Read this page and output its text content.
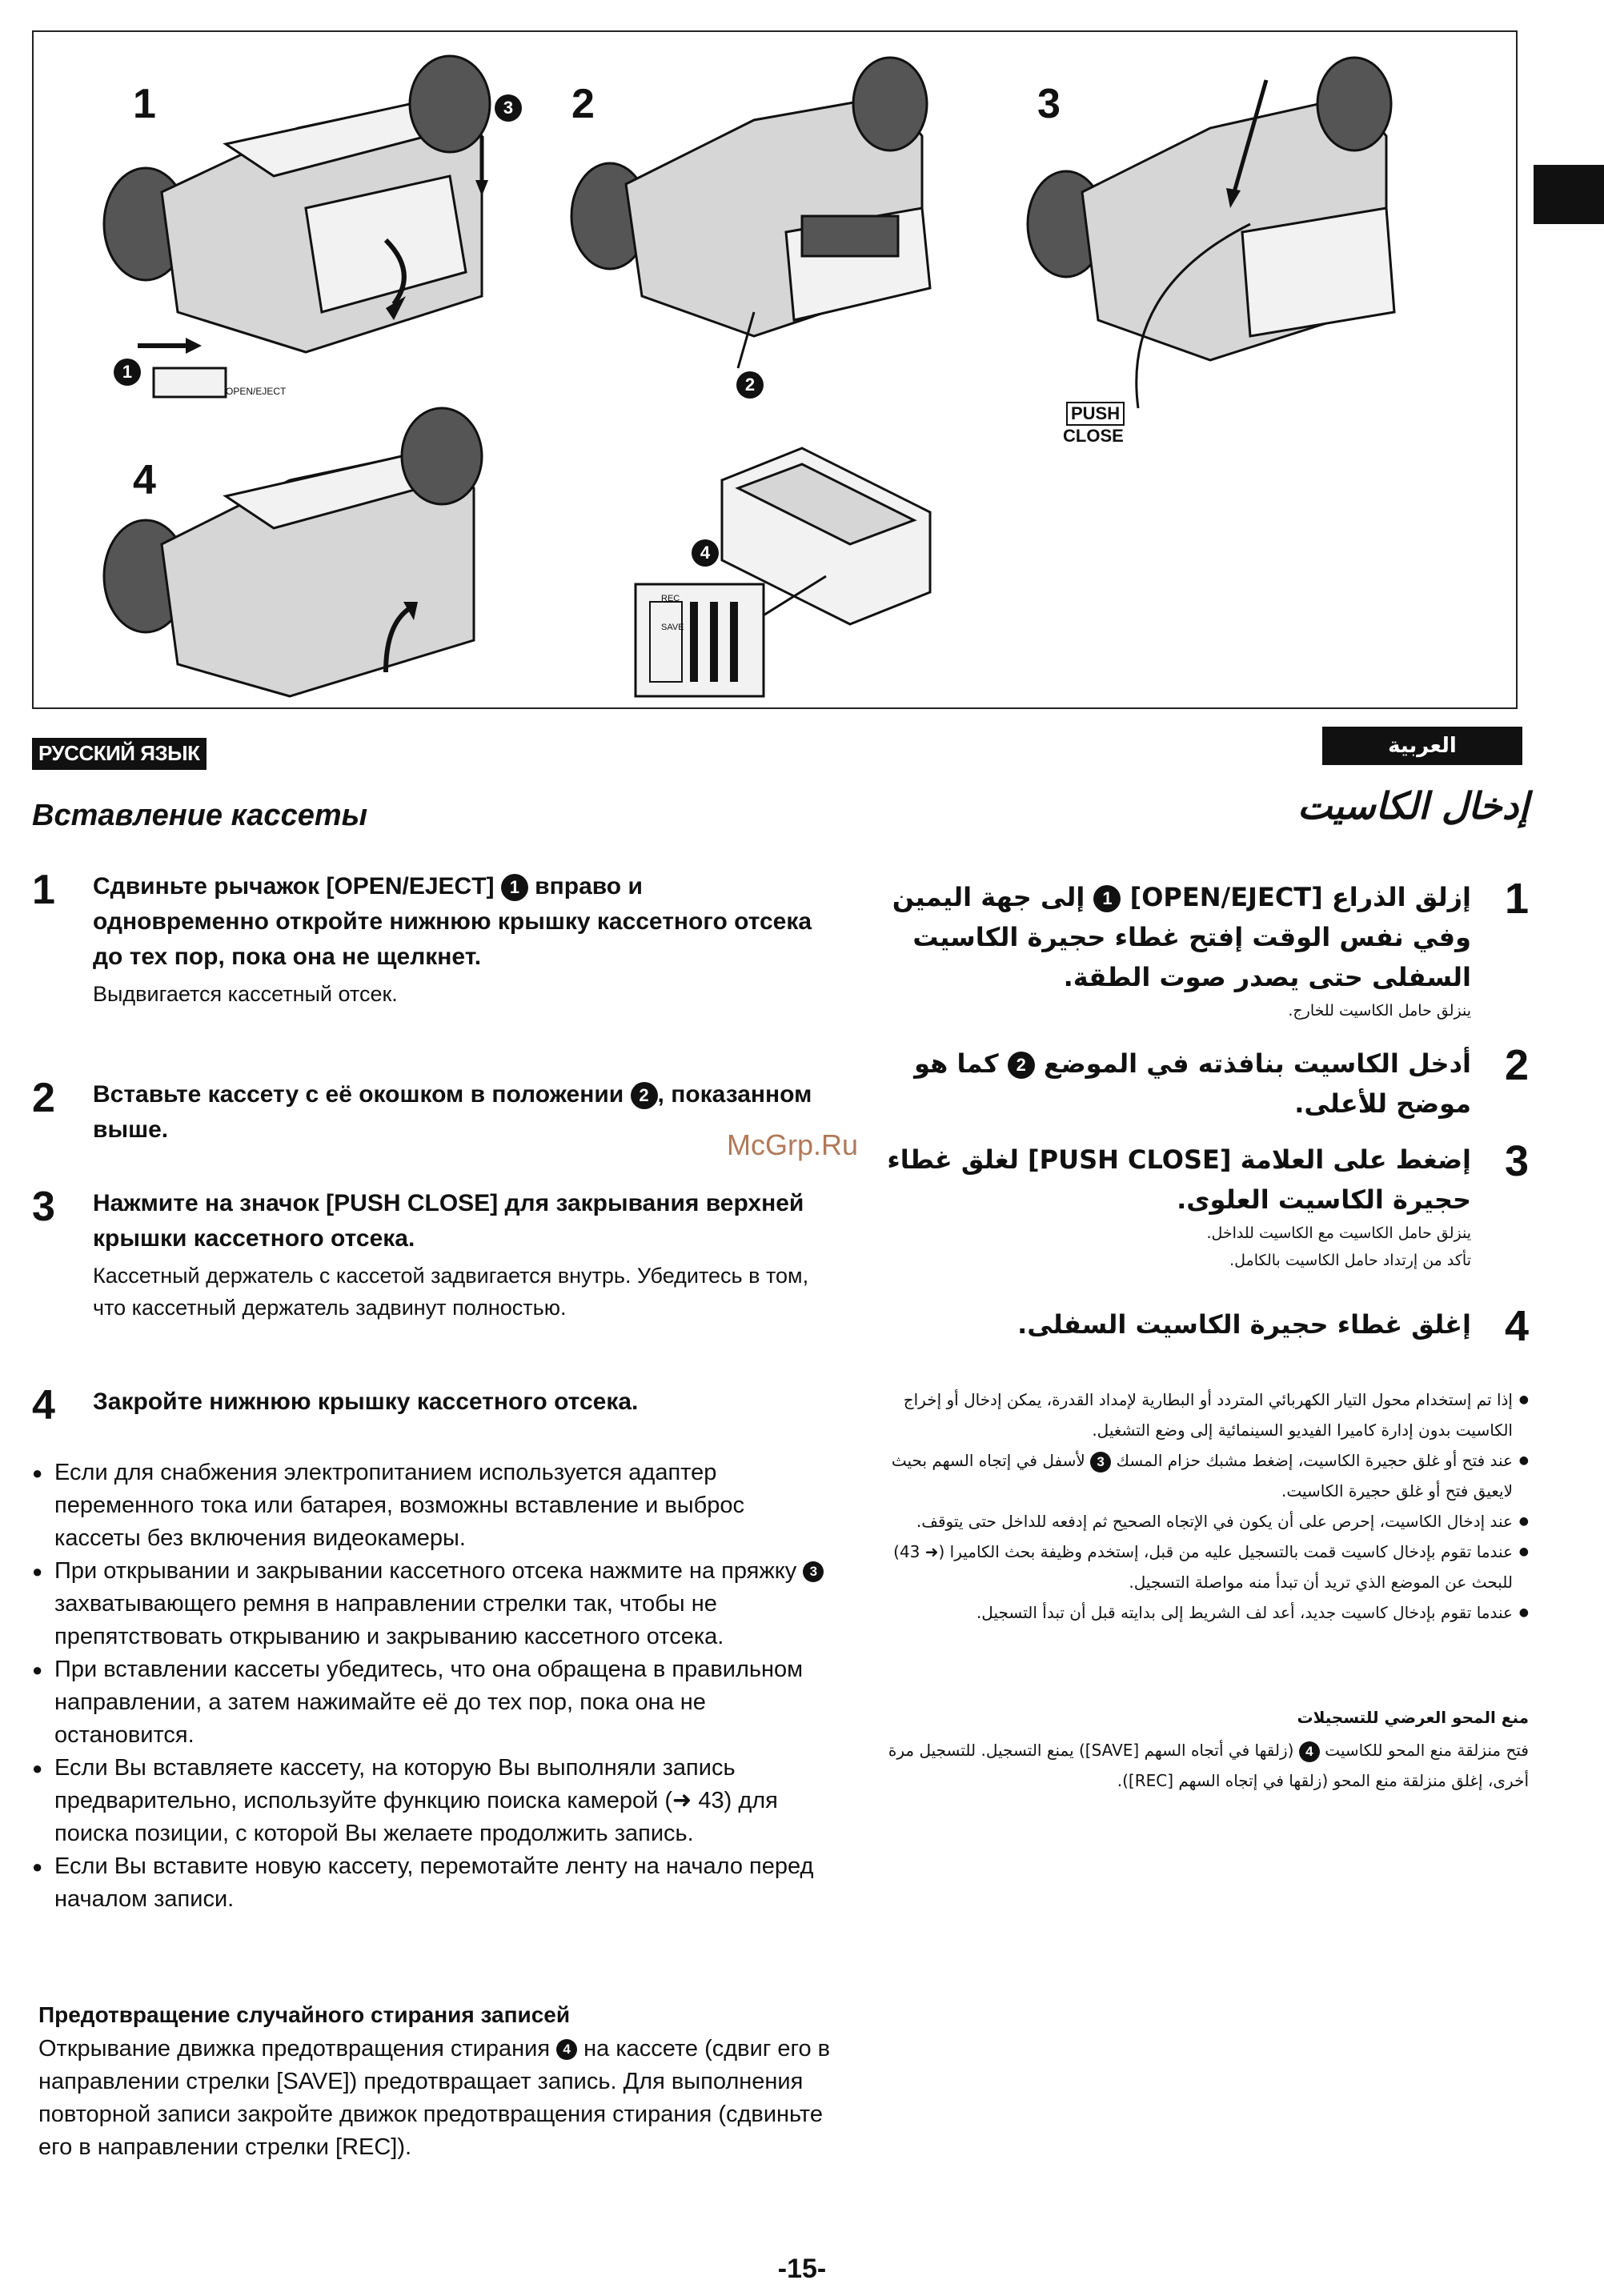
1	2	3
4
3
1
2
4
OPEN/EJECT
PUSH
CLOSE
REC
SAVE
РУССКИЙ ЯЗЫК	العربية
Вставление кассеты
1 Сдвиньте рычажок [OPEN/EJECT] 1 вправо и одновременно откройте нижнюю крышку кассетного отсека до тех пор, пока она не щелкнет.
Выдвигается кассетный отсек.
2 Вставьте кассету с её окошком в положении 2 , показанном выше.
3 Нажмите на значок [PUSH CLOSE] для закрывания верхней крышки кассетного отсека.
Кассетный держатель с кассетой задвигается внутрь. Убедитесь в том, что кассетный держатель задвинут полностью.
4 Закройте нижнюю крышку кассетного отсека.
● Если для снабжения электропитанием используется адаптер переменного тока или батарея, возможны вставление и выброс кассеты без включения видеокамеры.
● При открывании и закрывании кассетного отсека нажмите на пряжку 3 захватывающего ремня в направлении стрелки так, чтобы не препятствовать открыванию и закрыванию кассетного отсека.
● При вставлении кассеты убедитесь, что она обращена в правильном направлении, а затем нажимайте её до тех пор, пока она не остановится.
● Если Вы вставляете кассету, на которую Вы выполняли запись предварительно, используйте функцию поиска камерой (➜ 43) для поиска позиции, с которой Вы желаете продолжить запись.
● Если Вы вставите новую кассету, перемотайте ленту на начало перед началом записи.
Предотвращение случайного стирания записей
Открывание движка предотвращения стирания 4 на кассете (сдвиг его в направлении стрелки [SAVE]) предотвращает запись. Для выполнения повторной записи закройте движок предотвращения стирания (сдвиньте его в направлении стрелки [REC]).
إدخال الكاسيت
1
إزلق الذراع [OPEN/EJECT] 1 إلى جهة اليمين وفي نفس الوقت إفتح غطاء حجيرة الكاسيت السفلى حتى يصدر صوت الطقة.
ينزلق حامل الكاسيت للخارج.
2
أدخل الكاسيت بنافذته في الموضع 2 كما هو موضح للأعلى.
3
إضغط على العلامة [PUSH CLOSE] لغلق غطاء حجيرة الكاسيت العلوى.
ينزلق حامل الكاسيت مع الكاسيت للداخل.
تأكد من إرتداد حامل الكاسيت بالكامل.
4
إغلق غطاء حجيرة الكاسيت السفلى.
● إذا تم إستخدام محول التيار الكهربائي المتردد أو البطارية لإمداد القدرة، يمكن إدخال أو إخراج الكاسيت بدون إدارة كاميرا الفيديو السينمائية إلى وضع التشغيل.
● عند فتح أو غلق حجيرة الكاسيت، إضغط مشبك حزام المسك 3 لأسفل في إتجاه السهم بحيث لايعيق فتح أو غلق حجيرة الكاسيت.
● عند إدخال الكاسيت، إحرص على أن يكون في الإتجاه الصحيح ثم إدفعه للداخل حتى يتوقف.
● عندما تقوم بإدخال كاسيت قمت بالتسجيل عليه من قبل، إستخدم وظيفة بحث الكاميرا (➜ 43) للبحث عن الموضع الذي تريد أن تبدأ منه مواصلة التسجيل.
● عندما تقوم بإدخال كاسيت جديد، أعد لف الشريط إلى بدايته قبل أن تبدأ التسجيل.
منع المحو العرضي للتسجيلات
فتح منزلقة منع المحو للكاسيت 4 (زلقها في أتجاه السهم [SAVE]) يمنع التسجيل. للتسجيل مرة أخرى، إغلق منزلقة منع المحو (زلقها في إتجاه السهم [REC]).
McGrp.Ru
-15-
